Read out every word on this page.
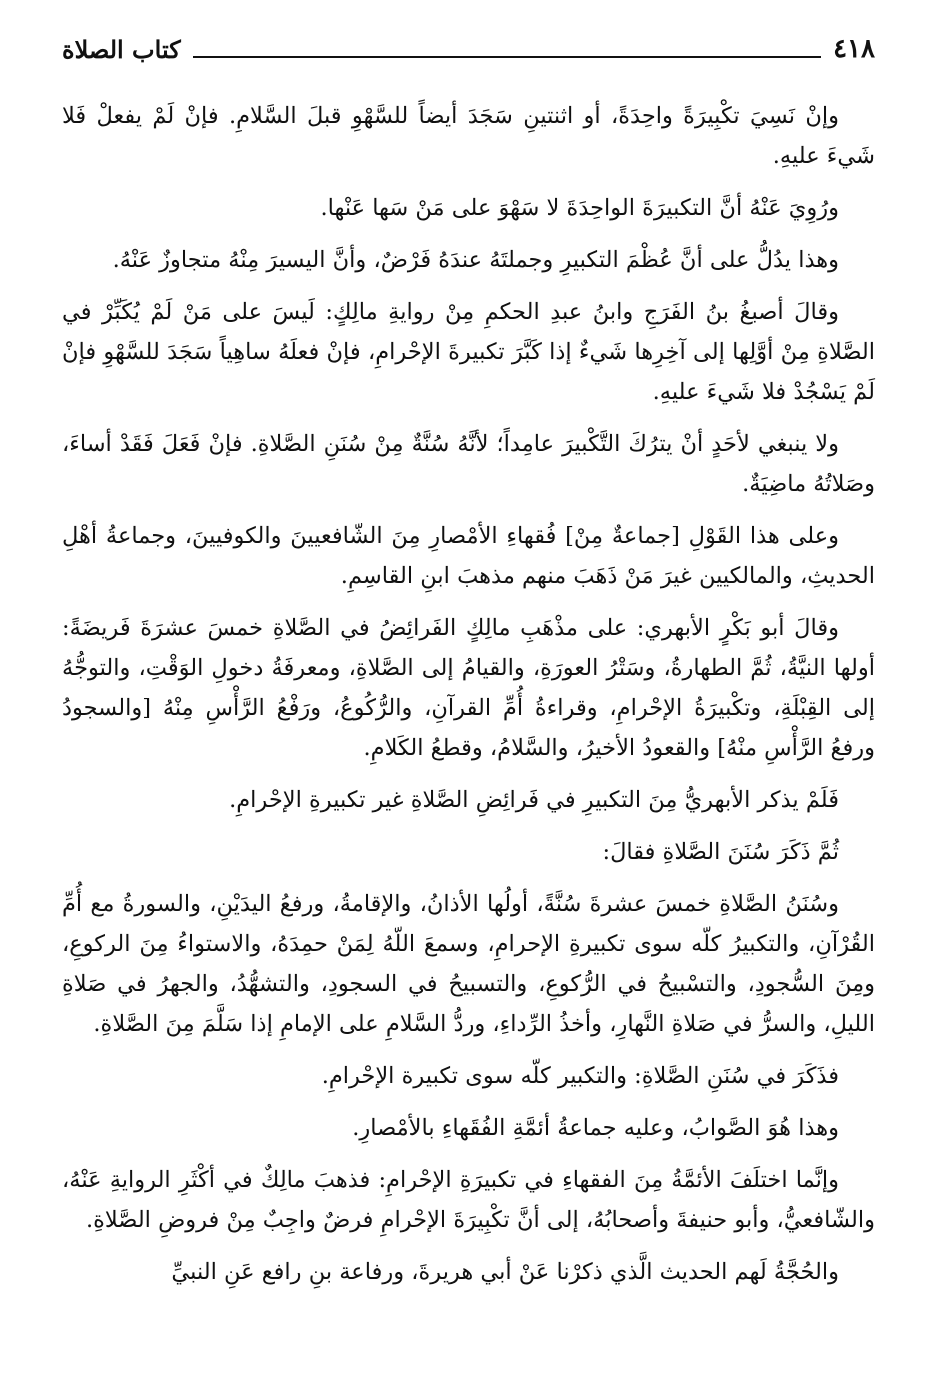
٤١٨
كتاب الصلاة

وإنْ نَسِيَ تكْبِيرَةً واحِدَةً، أو اثنتينِ سَجَدَ أيضاً للسَّهْوِ قبلَ السَّلامِ. فإنْ لَمْ يفعلْ فَلا شَيءَ عليهِ.

ورُوِيَ عَنْهُ أنَّ التكبيرَةَ الواحِدَةَ لا سَهْوَ على مَنْ سَها عَنْها.

وهذا يدُلُّ على أنَّ عُظْمَ التكبيرِ وجملتَهُ عندَهُ فَرْضٌ، وأنَّ اليسيرَ مِنْهُ متجاوزٌ عَنْهُ.

وقالَ أصبغُ بنُ الفَرَجِ وابنُ عبدِ الحكمِ مِنْ روايةِ مالِكٍ: لَيسَ على مَنْ لَمْ يُكَبِّرْ في الصَّلاةِ مِنْ أوَّلِها إلى آخِرِها شَيءٌ إذا كَبَّرَ تكبيرةَ الإحْرامِ، فإنْ فعلَهُ ساهِياً سَجَدَ للسَّهْوِ فإنْ لَمْ يَسْجُدْ فلا شَيءَ عليهِ.

ولا ينبغي لأحَدٍ أنْ يترُكَ التَّكْبيرَ عامِداً؛ لأنَّهُ سُنَّةٌ مِنْ سُنَنِ الصَّلاةِ. فإنْ فَعَلَ فَقَدْ أساءَ، وصَلاتُهُ ماضِيَةٌ.

وعلى هذا القَوْلِ [جماعةٌ مِنْ] فُقهاءِ الأمْصارِ مِنَ الشّافعيينَ والكوفيينَ، وجماعةُ أهْلِ الحديثِ، والمالكيين غيرَ مَنْ ذَهَبَ منهم مذهبَ ابنِ القاسِمِ.

وقالَ أبو بَكْرٍ الأبهري: على مذْهَبِ مالِكٍ الفَرائِضُ في الصَّلاةِ خمسَ عشرَةَ فَريضَةً: أولها النيَّةُ، ثُمَّ الطهارةُ، وسَتْرُ العورَةِ، والقيامُ إلى الصَّلاةِ، ومعرفَةُ دخولِ الوَقْتِ، والتوجُّهُ إلى القِبْلَةِ، وتكْبيرَةُ الإحْرامِ، وقراءةُ أُمِّ القرآنِ، والرُّكُوعُ، ورَفْعُ الرَّأْسِ مِنْهُ [والسجودُ ورفعُ الرَّأْسِ منْهُ] والقعودُ الأخيرُ، والسَّلامُ، وقطعُ الكَلامِ.

فَلَمْ يذكر الأبهريُّ مِنَ التكبيرِ في فَرائِضِ الصَّلاةِ غير تكبيرةِ الإحْرامِ.

ثُمَّ ذَكَرَ سُنَنَ الصَّلاةِ فقالَ:

وسُنَنُ الصَّلاةِ خمسَ عشرةَ سُنَّةً، أولُها الأذانُ، والإقامةُ، ورفعُ اليدَيْنِ، والسورةُ مع أُمِّ القُرْآنِ، والتكبيرُ كلّه سوى تكبيرةِ الإحرامِ، وسمعَ اللّهُ لِمَنْ حمِدَهُ، والاستواءُ مِنَ الركوعِ، ومِنَ السُّجودِ، والتسْبيحُ في الرُّكوعِ، والتسبيحُ في السجودِ، والتشهُّدُ، والجهرُ في صَلاةِ الليلِ، والسرُّ في صَلاةِ النَّهارِ، وأخذُ الرِّداءِ، وردُّ السَّلامِ على الإمامِ إذا سَلَّمَ مِنَ الصَّلاةِ.

فذَكَرَ في سُنَنِ الصَّلاةِ: والتكبير كلّه سوى تكبيرة الإحْرامِ.

وهذا هُوَ الصَّوابُ، وعليه جماعةُ أئمَّةِ الفُقَهاءِ بالأمْصارِ.

وإنَّما اختلَفَ الأئمَّةُ مِنَ الفقهاءِ في تكبيرَةِ الإحْرامِ: فذهبَ مالِكٌ في أكْثَرِ الروايةِ عَنْهُ، والشّافعيُّ، وأبو حنيفةَ وأصحابُهُ، إلى أنَّ تكْبِيرَةَ الإحْرامِ فرضٌ واجِبٌ مِنْ فروضِ الصَّلاةِ.

والحُجَّةُ لَهم الحديث الَّذي ذكرْنا عَنْ أبي هريرةَ، ورفاعة بنِ رافع عَنِ النبيِّ
